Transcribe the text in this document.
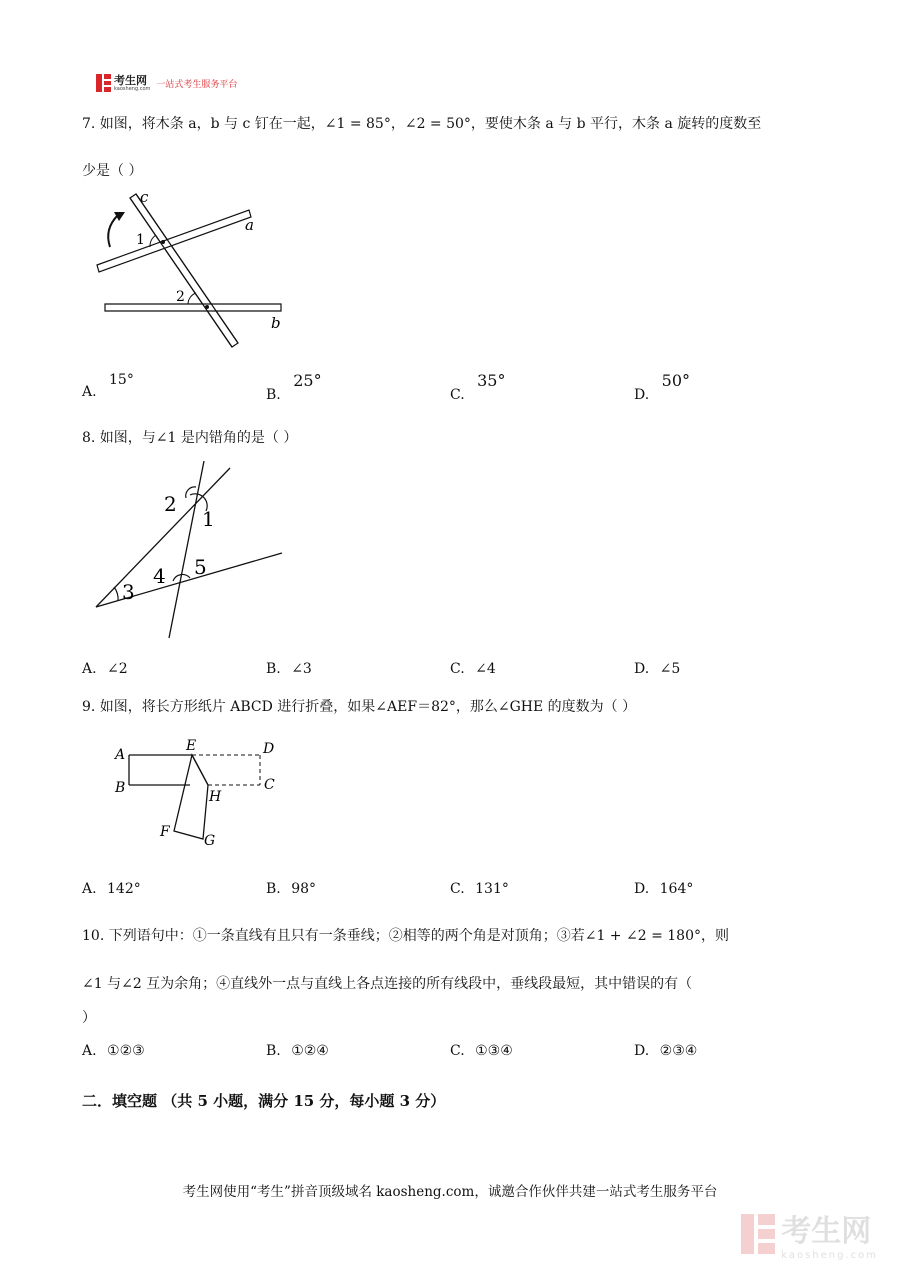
考生网
kaosheng.com 一站式考生服务平台
7. 如图，将木条 a，b 与 c 钉在一起，∠1 = 85°，∠2 = 50°，要使木条 a 与 b 平行，木条 a 旋转的度数至
少是（ ）
c
a
b
1
2
A. 15°
B. 25°
C. 35°
D. 50°
8. 如图，与∠1 是内错角的是（ ）
2
1
3
4 5
A. ∠2	B. ∠3	C. ∠4	D. ∠5
9. 如图，将长方形纸片 ABCD 进行折叠，如果∠AEF＝82°，那么∠GHE 的度数为（ ）
A
B
D
C
E
H
F
G
A. 142°	B. 98°	C. 131°	D. 164°
10. 下列语句中：①一条直线有且只有一条垂线；②相等的两个角是对顶角；③若∠1 + ∠2 = 180°，则
∠1 与∠2 互为余角；④直线外一点与直线上各点连接的所有线段中，垂线段最短，其中错误的有（
）
A. ①②③	B. ①②④	C. ①③④	D. ②③④
二．填空题 （共 5 小题，满分 15 分，每小题 3 分）
考生网使用“考生”拼音顶级域名 kaosheng.com，诚邀合作伙伴共建一站式考生服务平台
考生网
kaosheng.com
